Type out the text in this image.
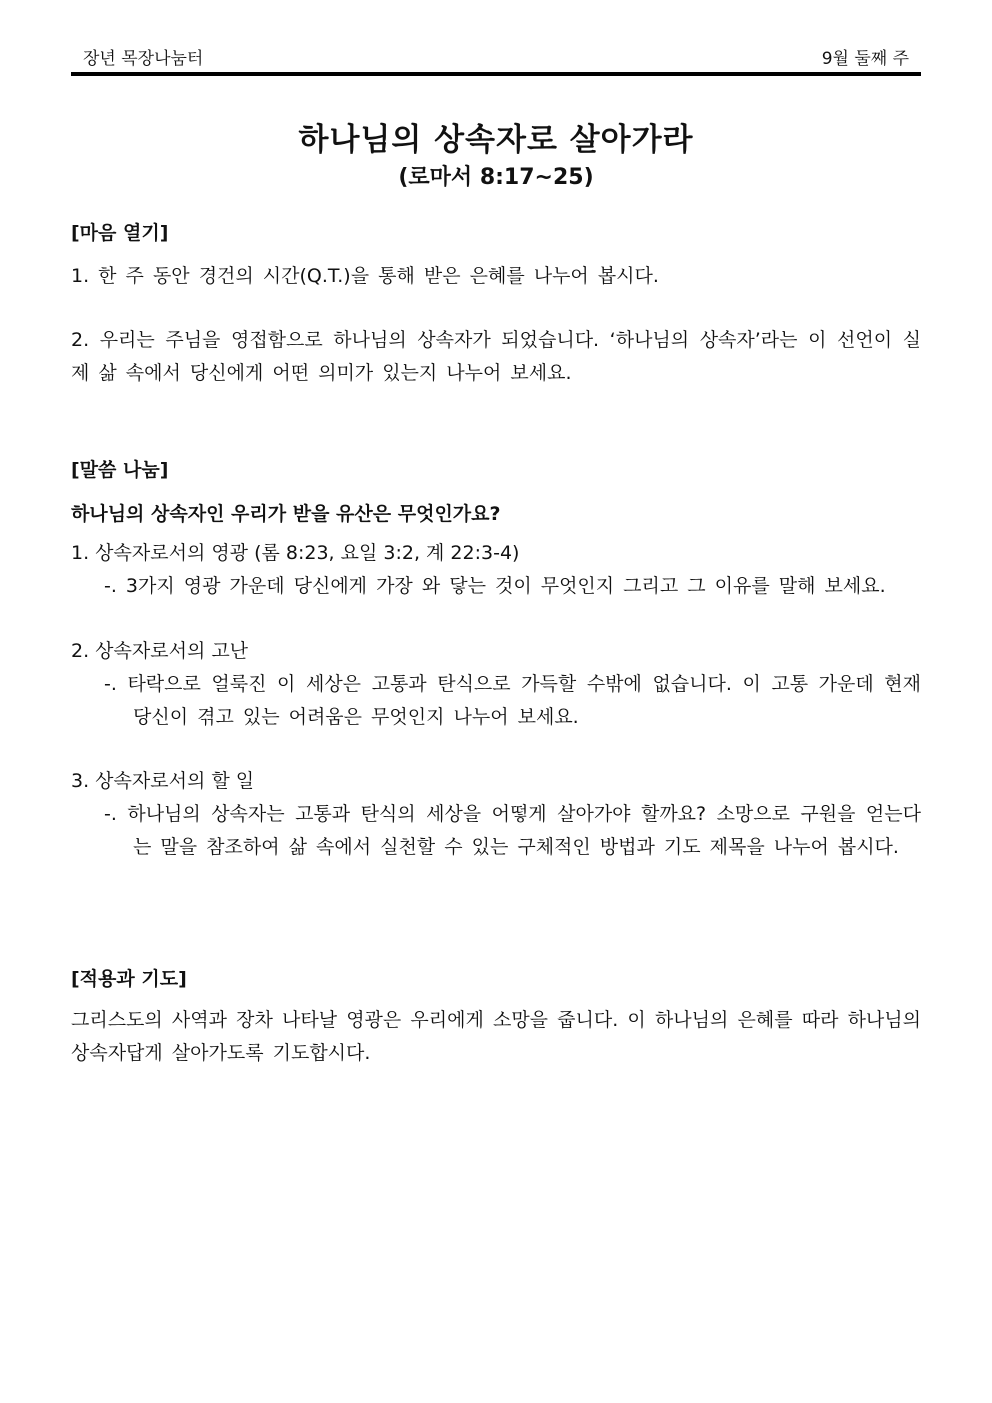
장년 목장나눔터	9월 둘째 주
하나님의 상속자로 살아가라
(로마서 8:17~25)
[마음 열기]
1. 한 주 동안 경건의 시간(Q.T.)을 통해 받은 은혜를 나누어 봅시다.
2. 우리는 주님을 영접함으로 하나님의 상속자가 되었습니다. ‘하나님의 상속자’라는 이 선언이 실제 삶 속에서 당신에게 어떤 의미가 있는지 나누어 보세요.
[말씀 나눔]
하나님의 상속자인 우리가 받을 유산은 무엇인가요?
1. 상속자로서의 영광 (롬 8:23, 요일 3:2, 계 22:3-4)
-. 3가지 영광 가운데 당신에게 가장 와 닿는 것이 무엇인지 그리고 그 이유를 말해 보세요.
2. 상속자로서의 고난
-. 타락으로 얼룩진 이 세상은 고통과 탄식으로 가득할 수밖에 없습니다. 이 고통 가운데 현재 당신이 겪고 있는 어려움은 무엇인지 나누어 보세요.
3. 상속자로서의 할 일
-. 하나님의 상속자는 고통과 탄식의 세상을 어떻게 살아가야 할까요? 소망으로 구원을 얻는다는 말을 참조하여 삶 속에서 실천할 수 있는 구체적인 방법과 기도 제목을 나누어 봅시다.
[적용과 기도]
그리스도의 사역과 장차 나타날 영광은 우리에게 소망을 줍니다. 이 하나님의 은혜를 따라 하나님의 상속자답게 살아가도록 기도합시다.
